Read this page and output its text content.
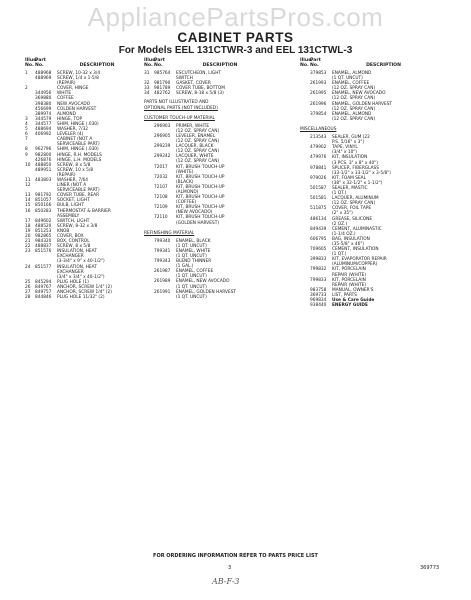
AppliancePartsPros.com
CABINET PARTS
For Models EEL 131CTWR-3 and EEL 131CTWL-3
Illus.
Part
No. No.	DESCRIPTION
1	488968	SCREW, 10-32 x 3/4
488969	SCREW, 1/4 x 1-5/8
(REPAIR)
2	COVER, HINGE
344956	WHITE
369880	COFFEE
398380	NEW AVOCADO
456699	COLDEN HARVEST
389974	ALMOND
3	344579	HINGE, TOP
4	344577	SHIM, HINGE (.030)
5	488694	WASHER, 7/32
6	406992	LEVELER (4)
7	CABINET (NOT A
SERVICEABLE PART)
8	962796	SHIM, HINGE (.030)
9	982800	HINGE, R.H. MODELS
426876	HINGE, L.H. MODELS
10	488850	SCREW, 8 x 5/8
489951	SCREW, 10 x 5/8
(REPAIR)
11	483803	WASHER, 7/64
12	LINER (NOT A
SERVICEABLE PART)
13	981792	COVER TUBE, REAR
14	851057	SOCKET, LIGHT
15	850166	BULB, LIGHT
16	850283	THERMOSTAT & BARRIER
ASSEMBLY
17	849602	SWITCH, LIGHT
18	488520	SCREW, 8-32 x 3/8
19	851253	KNOB
20	982865	COVER, BOX
21	984320	BOX, CONTROL
22	488837	SCREW, 8 x 5/8
23	851576	INSULATION, HEAT
EXCHANGER
(3-3/4" x 9" x 40-1/2")
24	851577	INSULATION, HEAT
EXCHANGER
(3/4" x 3/4" x 40-1/2")
25	845294	PLUG HOLE (1)
26	849767	ANCHOR, SCREW 1/4" (2)
27	849757	ANCHOR, SCREW 1/4" (2)
28	844846	PLUG HOLE 11/32" (2)
Illus.
Part
No. No.	DESCRIPTION
31	985764	ESCUTCHEON, LIGHT
SWITCH
32	981790	GASKET, COVER
33	981789	COVER TUBE, BOTTOM
34	482762	SCREW, 8-18 x 5/8 (3)
PARTS NOT ILLUSTRATED AND
OPTIONAL PARTS (NOT INCLUDED)
CUSTOMER TOUCH-UP MATERIAL
296903	PRIMER, WHITE
(12 OZ. SPRAY CAN)
296905	LEVELER, ENAMEL
(12 OZ. SPRAY CAN)
299239	LACQUER, BLACK
(12 OZ. SPRAY CAN)
299242	LACQUER, WHITE
(12 OZ. SPRAY CAN)
72017	KIT, BRUSH TOUCH-UP
(WHITE)
72032	KIT, BRUSH TOUCH-UP
(BLACK)
72107	KIT, BRUSH TOUCH-UP
(ALMOND)
72108	KIT, BRUSH TOUCH-UP
(COFFEE)
72109	KIT, BRUSH TOUCH-UP
(NEW AVOCADO)
72110	KIT, BRUSH TOUCH-UP
(GOLDEN HARVEST)
REFINISHING MATERIAL
799340	ENAMEL, BLACK
(1 QT. UNCUT)
799341	ENAMEL, WHITE
(1 QT. UNCUT)
799343	BLEND THINNER
(1 GAL.)
261987	ENAMEL, COFFEE
(1 QT. UNCUT)
261989	ENAMEL, NEW AVOCADO
(1 QT. UNCUT)
261991	ENAMEL, GOLDEN HARVEST
(1 QT. UNCUT)
Illus.
Part
No. No.	DESCRIPTION
379853	ENAMEL, ALMOND
(1 QT. UNCUT)
261993	ENAMEL, COFFEE
(12 OZ. SPRAY CAN)
261995	ENAMEL, NEW AVOCADO
(12 OZ. SPRAY CAN)
261996	ENAMEL, GOLDEN HARVEST
(12 OZ. SPRAY CAN)
379854	ENAMEL, ALMOND
(12 OZ. SPRAY CAN)
MISCELLANEOUS
213543	SEALER, GUM (22
P.S. 5/16" x 3")
479902	TAPE, VINYL
(3/4" x 10")
479976	KIT, INSULATION
(3 PCS. 3" x 8" x 40")
978841	SPLICER, FIBERGLASS
(33-1/2" x 33-1/2" x 3-5/8")
979026	KIT, FOAM SEAL
(38" x 32-1/2" x 1-1/2")
501587	SEALER, MASTIC
(1 QT.)
501581	LACQUER, ALUMINUM
(12 OZ. SPRAY CAN)
511875	COVER, FOIL TAPE
(2" x 35")
486134	GREASE, SILICONE
(2 OZ.)
849439	CEMENT, ALUMINASTIC
(1-1/4 OZ.)
606795	BAG, INSULATION
(35-5/8" x 46")
709605	CEMENT, INSULATION
(1 QT.)
399833	KIT, EVAPORATOR REPAIR
(ALUMINUM/COPPER)
799832	KIT, PORCELAIN
REPAIR (WHITE)
799833	KIT, PORCELAIN
REPAIR (WHITE)
983758	MANUAL, OWNER'S
369733	LIST, PARTS
969834	Use & Care Guide
938440	ENERGY GUIDE
FOR ORDERING INFORMATION REFER TO PARTS PRICE LIST
3	369773
AB-F-3
